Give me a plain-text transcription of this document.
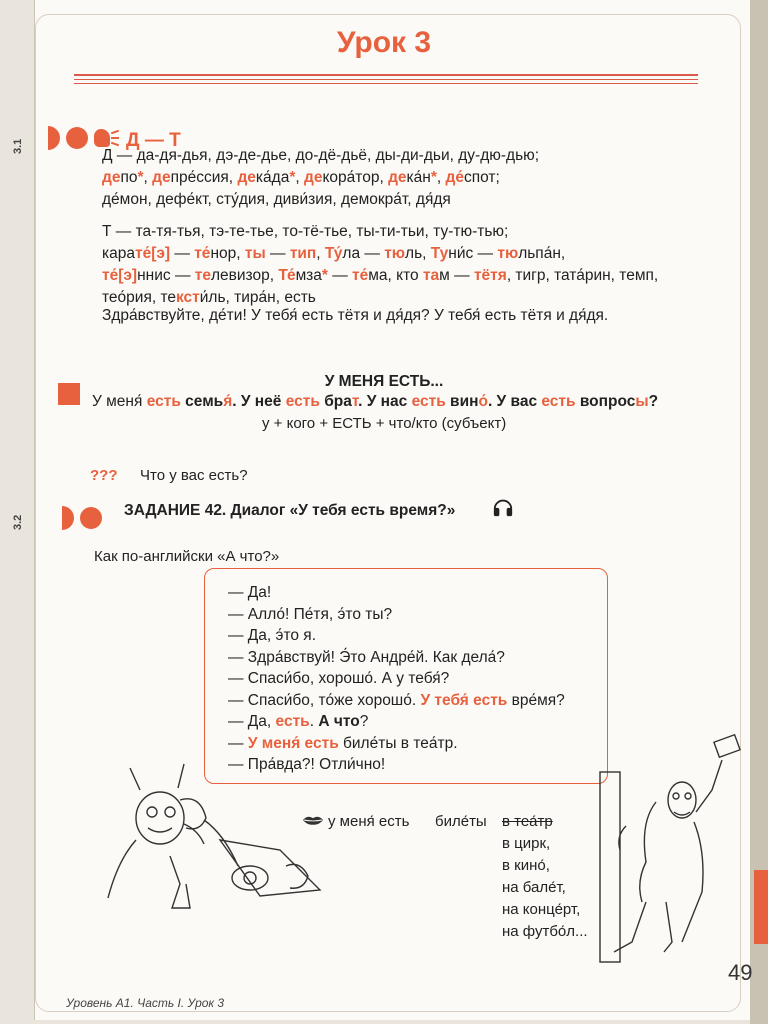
3.1
3.2
Урок 3
Д — Т
Д — да-дя-дья, дэ-де-дье, до-дё-дьё, ды-ди-дьи, ду-дю-дью;
депо*, депре́ссия, дека́да*, декора́тор, дека́н*, де́спот;
де́мон, дефе́кт, сту́дия, диви́зия, демокра́т, дя́дя
Т — та-тя-тья, тэ-те-тье, то-тё-тье, ты-ти-тьи, ту-тю-тью;
карате́[э] — те́нор, ты — тип, Ту́ла — тюль, Туни́с — тюльпа́н,
те́[э]ннис — телевизор, Те́мза* — те́ма, кто там — тётя, тигр, тата́рин, темп,
тео́рия, тексти́ль, тира́н, есть
Здра́вствуйте, де́ти! У тебя́ есть тётя и дя́дя? У тебя́ есть тётя и дя́дя.
У МЕНЯ ЕСТЬ...
У меня́ есть семья́. У неё есть брат. У нас есть вино́. У вас есть вопросы?
у + кого + ЕСТЬ + что/кто (субъект)
??? Что у вас есть?
ЗАДАНИЕ 42. Диалог «У тебя есть время?»
Как по-английски «А что?»
— Да!
— Алло́! Пе́тя, э́то ты?
— Да, э́то я.
— Здра́вствуй! Э́то Андре́й. Как дела́?
— Спаси́бо, хорошо́. А у тебя́?
— Спаси́бо, то́же хорошо́. У тебя́ есть вре́мя?
— Да, есть. А что?
— У меня́ есть биле́ты в теа́тр.
— Пра́вда?! Отли́чно!
у меня́ есть биле́ты в теа́тр
в цирк,
в кино́,
на бале́т,
на конце́рт,
на футбо́л...
49
Уровень А1. Часть I. Урок 3
